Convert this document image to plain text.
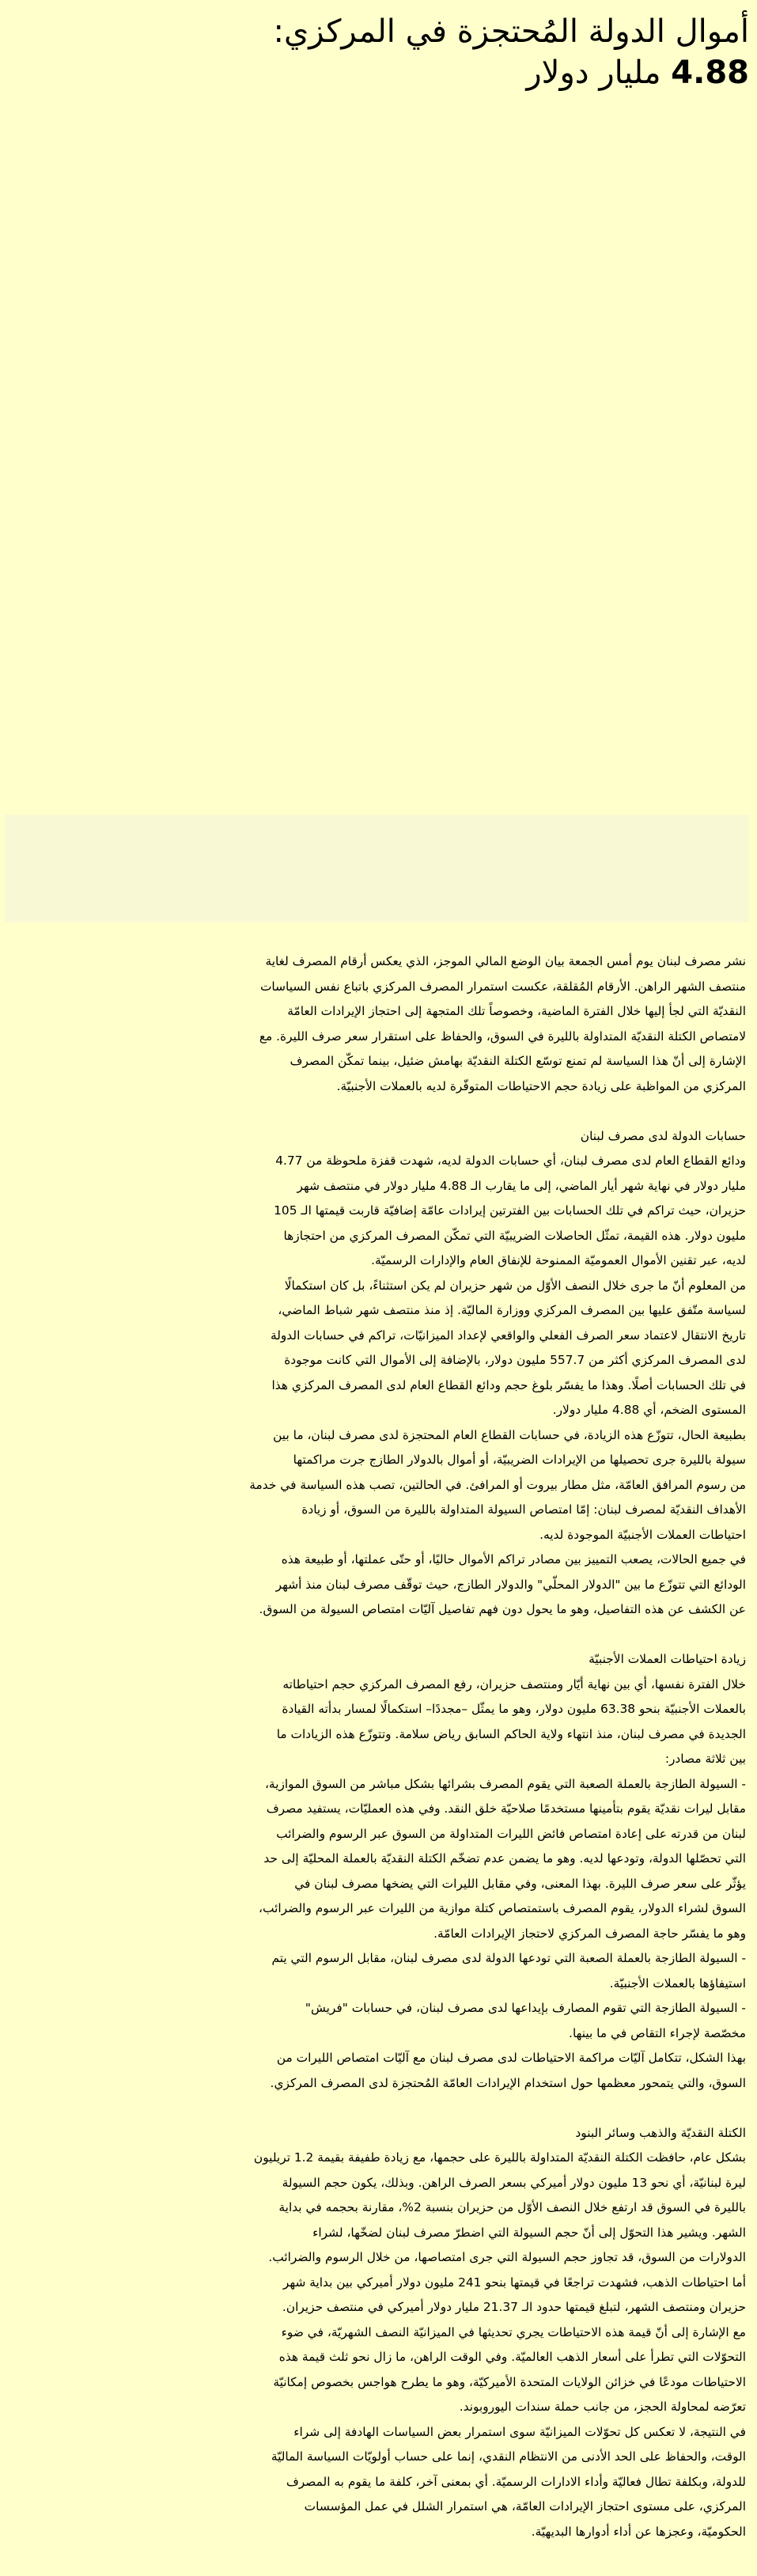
أموال الدولة المُحتجزة في المركزي:
4.88 مليار دولار

نشر مصرف لبنان يوم أمس الجمعة بيان الوضع المالي الموجز، الذي يعكس أرقام المصرف لغاية

منتصف الشهر الراهن. الأرقام المُقلقة، عكست استمرار المصرف المركزي باتباع نفس السياسات

النقديّة التي لجأ إليها خلال الفترة الماضية، وخصوصاً تلك المتجهة إلى احتجاز الإيرادات العامّة

لامتصاص الكتلة النقديّة المتداولة بالليرة في السوق، والحفاظ على استقرار سعر صرف الليرة. مع

الإشارة إلى أنّ هذا السياسة لم تمنع توسّع الكتلة النقديّة بهامش ضئيل، بينما تمكّن المصرف

المركزي من المواظبة على زيادة حجم الاحتياطات المتوفّرة لديه بالعملات الأجنبيّة.

حسابات الدولة لدى مصرف لبنان

ودائع القطاع العام لدى مصرف لبنان، أي حسابات الدولة لديه، شهدت قفزة ملحوظة من 4.77

مليار دولار في نهاية شهر أيار الماضي، إلى ما يقارب الـ 4.88 مليار دولار في منتصف شهر

حزيران، حيث تراكم في تلك الحسابات بين الفترتين إيرادات عامّة إضافيّة قاربت قيمتها الـ 105

مليون دولار. هذه القيمة، تمثّل الحاصلات الضريبيّة التي تمكّن المصرف المركزي من احتجازها

لديه، عبر تقنين الأموال العموميّة الممنوحة للإنفاق العام والإدارات الرسميّة.

من المعلوم أنّ ما جرى خلال النصف الأوّل من شهر حزيران لم يكن استثناءً، بل كان استكمالًا

لسياسة متّفق عليها بين المصرف المركزي ووزارة الماليّة. إذ منذ منتصف شهر شباط الماضي،

تاريخ الانتقال لاعتماد سعر الصرف الفعلي والواقعي لإعداد الميزانيّات، تراكم في حسابات الدولة

لدى المصرف المركزي أكثر من 557.7 مليون دولار، بالإضافة إلى الأموال التي كانت موجودة

في تلك الحسابات أصلًا. وهذا ما يفسّر بلوغ حجم ودائع القطاع العام لدى المصرف المركزي هذا

المستوى الضخم، أي 4.88 مليار دولار.

بطبيعة الحال، تتوزّع هذه الزيادة، في حسابات القطاع العام المحتجزة لدى مصرف لبنان، ما بين

سيولة بالليرة جرى تحصيلها من الإيرادات الضريبيّة، أو أموال بالدولار الطازج جرت مراكمتها

من رسوم المرافق العامّة، مثل مطار بيروت أو المرافئ. في الحالتين، تصب هذه السياسة في خدمة

الأهداف النقديّة لمصرف لبنان: إمّا امتصاص السيولة المتداولة بالليرة من السوق، أو زيادة

احتياطات العملات الأجنبيّة الموجودة لديه.

في جميع الحالات، يصعب التمييز بين مصادر تراكم الأموال حاليًا، أو حتّى عملتها، أو طبيعة هذه

الودائع التي تتوزّع ما بين "الدولار المحلّي" والدولار الطازج، حيث توقّف مصرف لبنان منذ أشهر

عن الكشف عن هذه التفاصيل، وهو ما يحول دون فهم تفاصيل آليّات امتصاص السيولة من السوق.

زيادة احتياطات العملات الأجنبيّة

خلال الفترة نفسها، أي بين نهاية أيّار ومنتصف حزيران، رفع المصرف المركزي حجم احتياطاته

بالعملات الأجنبيّة بنحو 63.38 مليون دولار، وهو ما يمثّل –مجددًا– استكمالًا لمسار بدأته القيادة

الجديدة في مصرف لبنان، منذ انتهاء ولاية الحاكم السابق رياض سلامة. وتتوزّع هذه الزيادات ما

بين ثلاثة مصادر:

- السيولة الطازجة بالعملة الصعبة التي يقوم المصرف بشرائها بشكل مباشر من السوق الموازية،

مقابل ليرات نقديّة يقوم بتأمينها مستخدمًا صلاحيّة خلق النقد. وفي هذه العمليّات، يستفيد مصرف

لبنان من قدرته على إعادة امتصاص فائض الليرات المتداولة من السوق عبر الرسوم والضرائب

التي تحصّلها الدولة، وتودعها لديه. وهو ما يضمن عدم تضخّم الكتلة النقديّة بالعملة المحليّة إلى حد

يؤثّر على سعر صرف الليرة. بهذا المعنى، وفي مقابل الليرات التي يضخها مصرف لبنان في

السوق لشراء الدولار، يقوم المصرف باستمتصاص كتلة موازية من الليرات عبر الرسوم والضرائب،

وهو ما يفسّر حاجة المصرف المركزي لاحتجاز الإيرادات العامّة.

- السيولة الطازجة بالعملة الصعبة التي تودعها الدولة لدى مصرف لبنان، مقابل الرسوم التي يتم

استيفاؤها بالعملات الأجنبيّة.

- السيولة الطازجة التي تقوم المصارف بإيداعها لدى مصرف لبنان، في حسابات "فريش"

مخصّصة لإجراء التقاص في ما بينها.

بهذا الشكل، تتكامل آليّات مراكمة الاحتياطات لدى مصرف لبنان مع آليّات امتصاص الليرات من

السوق، والتي يتمحور معظمها حول استخدام الإيرادات العامّة المُحتجزة لدى المصرف المركزي.

الكتلة النقديّة والذهب وسائر البنود

بشكل عام، حافظت الكتلة النقديّة المتداولة بالليرة على حجمها، مع زيادة طفيفة بقيمة 1.2 تريليون

ليرة لبنانيّة، أي نحو 13 مليون دولار أميركي بسعر الصرف الراهن. وبذلك، يكون حجم السيولة

بالليرة في السوق قد ارتفع خلال النصف الأوّل من حزيران بنسبة 2%، مقارنة بحجمه في بداية

الشهر. ويشير هذا التحوّل إلى أنّ حجم السيولة التي اضطرّ مصرف لبنان لضخّها، لشراء

الدولارات من السوق، قد تجاوز حجم السيولة التي جرى امتصاصها، من خلال الرسوم والضرائب.

أما احتياطات الذهب، فشهدت تراجعًا في قيمتها بنحو 241 مليون دولار أميركي بين بداية شهر

حزيران ومنتصف الشهر، لتبلغ قيمتها حدود الـ 21.37 مليار دولار أميركي في منتصف حزيران.

مع الإشارة إلى أنّ قيمة هذه الاحتياطات يجري تحديثها في الميزانيّة النصف الشهريّة، في ضوء

التحوّلات التي تطرأ على أسعار الذهب العالميّة. وفي الوقت الراهن، ما زال نحو ثلث قيمة هذه

الاحتياطات مودعًا في خزائن الولايات المتحدة الأميركيّة، وهو ما يطرح هواجس بخصوص إمكانيّة

تعرّضه لمحاولة الحجز، من جانب حملة سندات اليوروبوند.

في النتيجة، لا تعكس كل تحوّلات الميزانيّة سوى استمرار بعض السياسات الهادفة إلى شراء

الوقت، والحفاظ على الحد الأدنى من الانتظام النقدي، إنما على حساب أولويّات السياسة الماليّة

للدولة، وبكلفة تطال فعاليّة وأداء الادارات الرسميّة. أي بمعنى آخر، كلفة ما يقوم به المصرف

المركزي، على مستوى احتجاز الإيرادات العامّة، هي استمرار الشلل في عمل المؤسسات

الحكوميّة، وعجزها عن أداء أدوارها البديهيّة.
